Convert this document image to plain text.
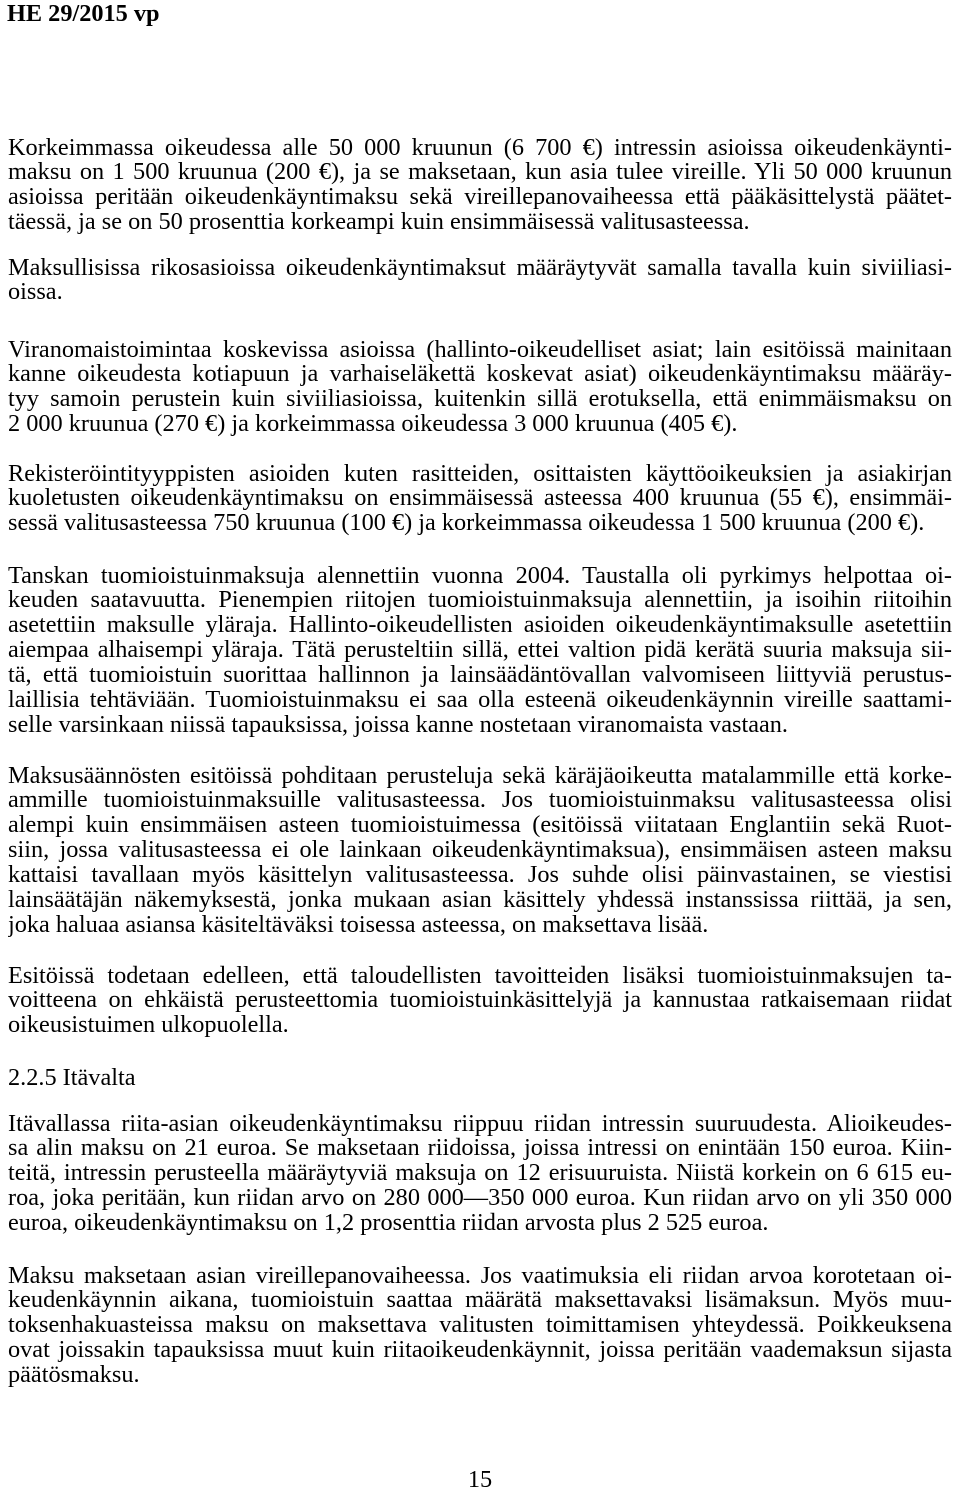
HE 29/2015 vp
Korkeimmassa oikeudessa alle 50 000 kruunun (6 700 €) intressin asioissa oikeudenkäynti-
maksu on 1 500 kruunua (200 €), ja se maksetaan, kun asia tulee vireille. Yli 50 000 kruunun
asioissa peritään oikeudenkäyntimaksu sekä vireillepanovaiheessa että pääkäsittelystä päätet-
täessä, ja se on 50 prosenttia korkeampi kuin ensimmäisessä valitusasteessa.
Maksullisissa rikosasioissa oikeudenkäyntimaksut määräytyvät samalla tavalla kuin siviiliasi-
oissa.
Viranomaistoimintaa koskevissa asioissa (hallinto-oikeudelliset asiat; lain esitöissä mainitaan
kanne oikeudesta kotiapuun ja varhaiseläkettä koskevat asiat) oikeudenkäyntimaksu määräy-
tyy samoin perustein kuin siviiliasioissa, kuitenkin sillä erotuksella, että enimmäismaksu on
2 000 kruunua (270 €) ja korkeimmassa oikeudessa 3 000 kruunua (405 €).
Rekisteröintityyppisten asioiden kuten rasitteiden, osittaisten käyttöoikeuksien ja asiakirjan
kuoletusten oikeudenkäyntimaksu on ensimmäisessä asteessa 400 kruunua (55 €), ensimmäi-
sessä valitusasteessa 750 kruunua (100 €) ja korkeimmassa oikeudessa 1 500 kruunua (200 €).
Tanskan tuomioistuinmaksuja alennettiin vuonna 2004. Taustalla oli pyrkimys helpottaa oi-
keuden saatavuutta. Pienempien riitojen tuomioistuinmaksuja alennettiin, ja isoihin riitoihin
asetettiin maksulle yläraja. Hallinto-oikeudellisten asioiden oikeudenkäyntimaksulle asetettiin
aiempaa alhaisempi yläraja. Tätä perusteltiin sillä, ettei valtion pidä kerätä suuria maksuja sii-
tä, että tuomioistuin suorittaa hallinnon ja lainsäädäntövallan valvomiseen liittyviä perustus-
laillisia tehtäviään. Tuomioistuinmaksu ei saa olla esteenä oikeudenkäynnin vireille saattami-
selle varsinkaan niissä tapauksissa, joissa kanne nostetaan viranomaista vastaan.
Maksusäännösten esitöissä pohditaan perusteluja sekä käräjäoikeutta matalammille että korke-
ammille tuomioistuinmaksuille valitusasteessa. Jos tuomioistuinmaksu valitusasteessa olisi
alempi kuin ensimmäisen asteen tuomioistuimessa (esitöissä viitataan Englantiin sekä Ruot-
siin, jossa valitusasteessa ei ole lainkaan oikeudenkäyntimaksua), ensimmäisen asteen maksu
kattaisi tavallaan myös käsittelyn valitusasteessa. Jos suhde olisi päinvastainen, se viestisi
lainsäätäjän näkemyksestä, jonka mukaan asian käsittely yhdessä instanssissa riittää, ja sen,
joka haluaa asiansa käsiteltäväksi toisessa asteessa, on maksettava lisää.
Esitöissä todetaan edelleen, että taloudellisten tavoitteiden lisäksi tuomioistuinmaksujen ta-
voitteena on ehkäistä perusteettomia tuomioistuinkäsittelyjä ja kannustaa ratkaisemaan riidat
oikeusistuimen ulkopuolella.
2.2.5 Itävalta
Itävallassa riita-asian oikeudenkäyntimaksu riippuu riidan intressin suuruudesta. Alioikeudes-
sa alin maksu on 21 euroa. Se maksetaan riidoissa, joissa intressi on enintään 150 euroa. Kiin-
teitä, intressin perusteella määräytyviä maksuja on 12 erisuuruista. Niistä korkein on 6 615 eu-
roa, joka peritään, kun riidan arvo on 280 000—350 000 euroa. Kun riidan arvo on yli 350 000
euroa, oikeudenkäyntimaksu on 1,2 prosenttia riidan arvosta plus 2 525 euroa.
Maksu maksetaan asian vireillepanovaiheessa. Jos vaatimuksia eli riidan arvoa korotetaan oi-
keudenkäynnin aikana, tuomioistuin saattaa määrätä maksettavaksi lisämaksun. Myös muu-
toksenhakuasteissa maksu on maksettava valitusten toimittamisen yhteydessä. Poikkeuksena
ovat joissakin tapauksissa muut kuin riitaoikeudenkäynnit, joissa peritään vaademaksun sijasta
päätösmaksu.
15
